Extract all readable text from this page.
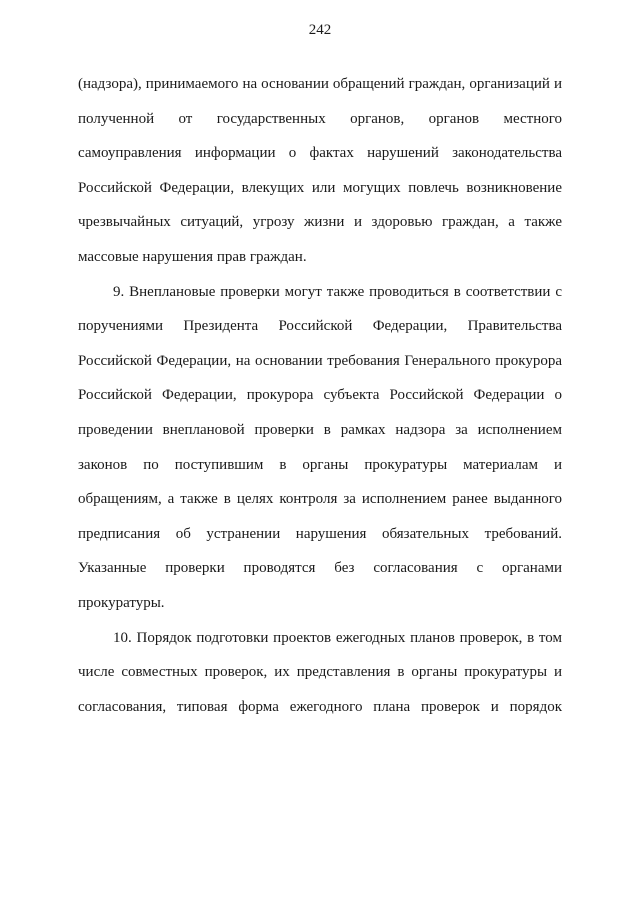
242
(надзора), принимаемого на основании обращений граждан, организаций и
полученной от государственных органов, органов местного
самоуправления информации о фактах нарушений законодательства
Российской Федерации, влекущих или могущих повлечь возникновение
чрезвычайных ситуаций, угрозу жизни и здоровью граждан, а также
массовые нарушения прав граждан.
9. Внеплановые проверки могут также проводиться в соответствии с
поручениями Президента Российской Федерации, Правительства
Российской Федерации, на основании требования Генерального прокурора
Российской Федерации, прокурора субъекта Российской Федерации о
проведении внеплановой проверки в рамках надзора за исполнением
законов по поступившим в органы прокуратуры материалам и
обращениям, а также в целях контроля за исполнением ранее выданного
предписания об устранении нарушения обязательных требований.
Указанные проверки проводятся без согласования с органами
прокуратуры.
10. Порядок подготовки проектов ежегодных планов проверок, в том
числе совместных проверок, их представления в органы прокуратуры и
согласования, типовая форма ежегодного плана проверок и порядок
